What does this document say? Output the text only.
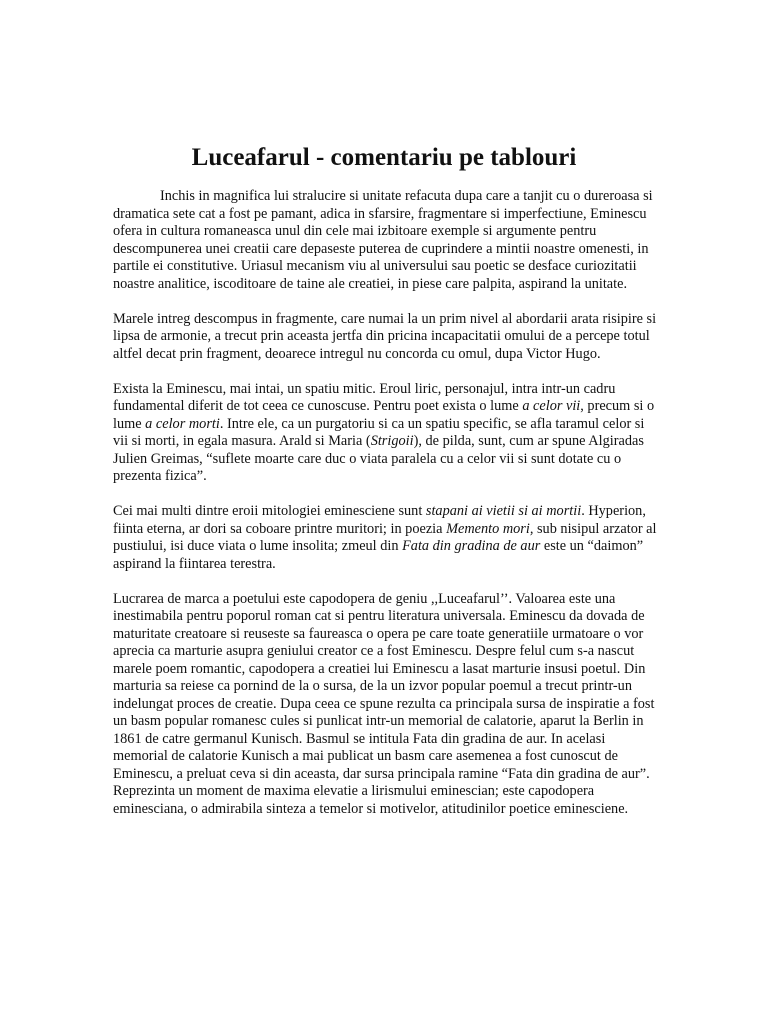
Luceafarul - comentariu pe tablouri

Inchis in magnifica lui stralucire si unitate refacuta dupa care a tanjit cu o dureroasa si dramatica sete cat a fost pe pamant, adica in sfarsire, fragmentare si imperfectiune, Eminescu ofera in cultura romaneasca unul din cele mai izbitoare exemple si argumente pentru descompunerea unei creatii care depaseste puterea de cuprindere a mintii noastre omenesti, in partile ei constitutive. Uriasul mecanism viu al universului sau poetic se desface curiozitatii noastre analitice, iscoditoare de taine ale creatiei, in piese care palpita, aspirand la unitate.

Marele intreg descompus in fragmente, care numai la un prim nivel al abordarii arata risipire si lipsa de armonie, a trecut prin aceasta jertfa din pricina incapacitatii omului de a percepe totul altfel decat prin fragment, deoarece intregul nu concorda cu omul, dupa Victor Hugo.

Exista la Eminescu, mai intai, un spatiu mitic. Eroul liric, personajul, intra intr-un cadru fundamental diferit de tot ceea ce cunoscuse. Pentru poet exista o lume a celor vii, precum si o lume a celor morti. Intre ele, ca un purgatoriu si ca un spatiu specific, se afla taramul celor si vii si morti, in egala masura. Arald si Maria (Strigoii), de pilda, sunt, cum ar spune Algiradas Julien Greimas, “suflete moarte care duc o viata paralela cu a celor vii si sunt dotate cu o prezenta fizica”.

Cei mai multi dintre eroii mitologiei eminesciene sunt stapani ai vietii si ai mortii. Hyperion, fiinta eterna, ar dori sa coboare printre muritori; in poezia Memento mori, sub nisipul arzator al pustiului, isi duce viata o lume insolita; zmeul din Fata din gradina de aur este un “daimon” aspirand la fiintarea terestra.

Lucrarea de marca a poetului este capodopera de geniu ,,Luceafarul’’. Valoarea este una inestimabila pentru poporul roman cat si pentru literatura universala. Eminescu da dovada de maturitate creatoare si reuseste sa faureasca o opera pe care toate generatiile urmatoare o vor aprecia ca marturie asupra geniului creator ce a fost Eminescu. Despre felul cum s-a nascut marele poem romantic, capodopera a creatiei lui Eminescu a lasat marturie insusi poetul. Din marturia sa reiese ca pornind de la o sursa, de la un izvor popular poemul a trecut printr-un indelungat proces de creatie. Dupa ceea ce spune rezulta ca principala sursa de inspiratie a fost un basm popular romanesc cules si punlicat intr-un memorial de calatorie, aparut la Berlin in 1861 de catre germanul Kunisch. Basmul se intitula Fata din gradina de aur. In acelasi memorial de calatorie Kunisch a mai publicat un basm care asemenea a fost cunoscut de Eminescu, a preluat ceva si din aceasta, dar sursa principala ramine “Fata din gradina de aur”. Reprezinta un moment de maxima elevatie a lirismului eminescian; este capodopera eminesciana, o admirabila sinteza a temelor si motivelor, atitudinilor poetice eminesciene.
